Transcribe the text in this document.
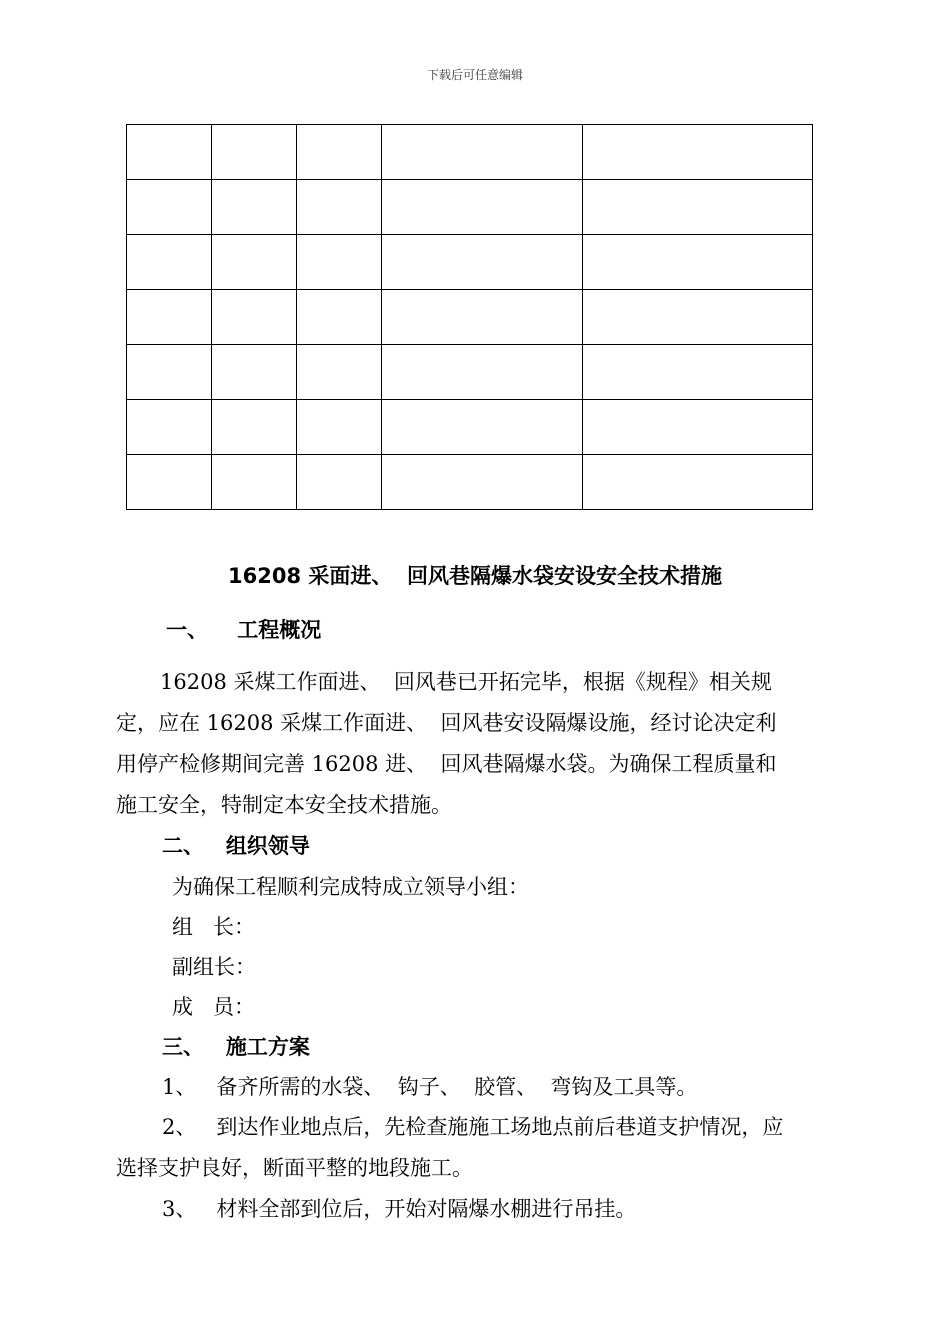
下载后可任意编辑

16208 采面进、  回风巷隔爆水袋安设安全技术措施
一、    工程概况
16208 采煤工作面进、  回风巷已开拓完毕，根据《规程》相关规
定，应在 16208 采煤工作面进、  回风巷安设隔爆设施，经讨论决定利
用停产检修期间完善 16208 进、  回风巷隔爆水袋。为确保工程质量和
施工安全，特制定本安全技术措施。
二、   组织领导
为确保工程顺利完成特成立领导小组：
组   长：
副组长：
成   员：
三、   施工方案
1、   备齐所需的水袋、  钩子、  胶管、  弯钩及工具等。
2、   到达作业地点后，先检查施施工场地点前后巷道支护情况，应
选择支护良好，断面平整的地段施工。
3、   材料全部到位后，开始对隔爆水棚进行吊挂。
